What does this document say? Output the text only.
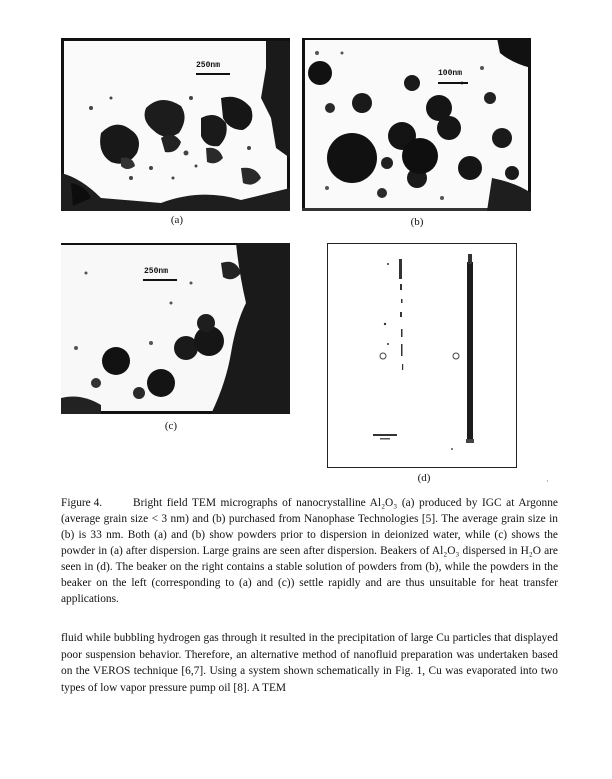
250nm
(a)
100nm
(b)
250nm
(c)
(d)	·
Figure 4.	Bright field TEM micrographs of nanocrystalline Al₂O₃ (a) produced by IGC at Argonne (average grain size < 3 nm) and (b) purchased from Nanophase Technologies [5]. The average grain size in (b) is 33 nm. Both (a) and (b) show powders prior to dispersion in deionized water, while (c) shows the powder in (a) after dispersion. Large grains are seen after dispersion. Beakers of Al₂O₃ dispersed in H₂O are seen in (d). The beaker on the right contains a stable solution of powders from (b), while the powders in the beaker on the left (corresponding to (a) and (c)) settle rapidly and are thus unsuitable for heat transfer applications.
fluid while bubbling hydrogen gas through it resulted in the precipitation of large Cu particles that displayed poor suspension behavior. Therefore, an alternative method of nanofluid preparation was undertaken based on the VEROS technique [6,7]. Using a system shown schematically in Fig. 1, Cu was evaporated into two types of low vapor pressure pump oil [8]. A TEM
